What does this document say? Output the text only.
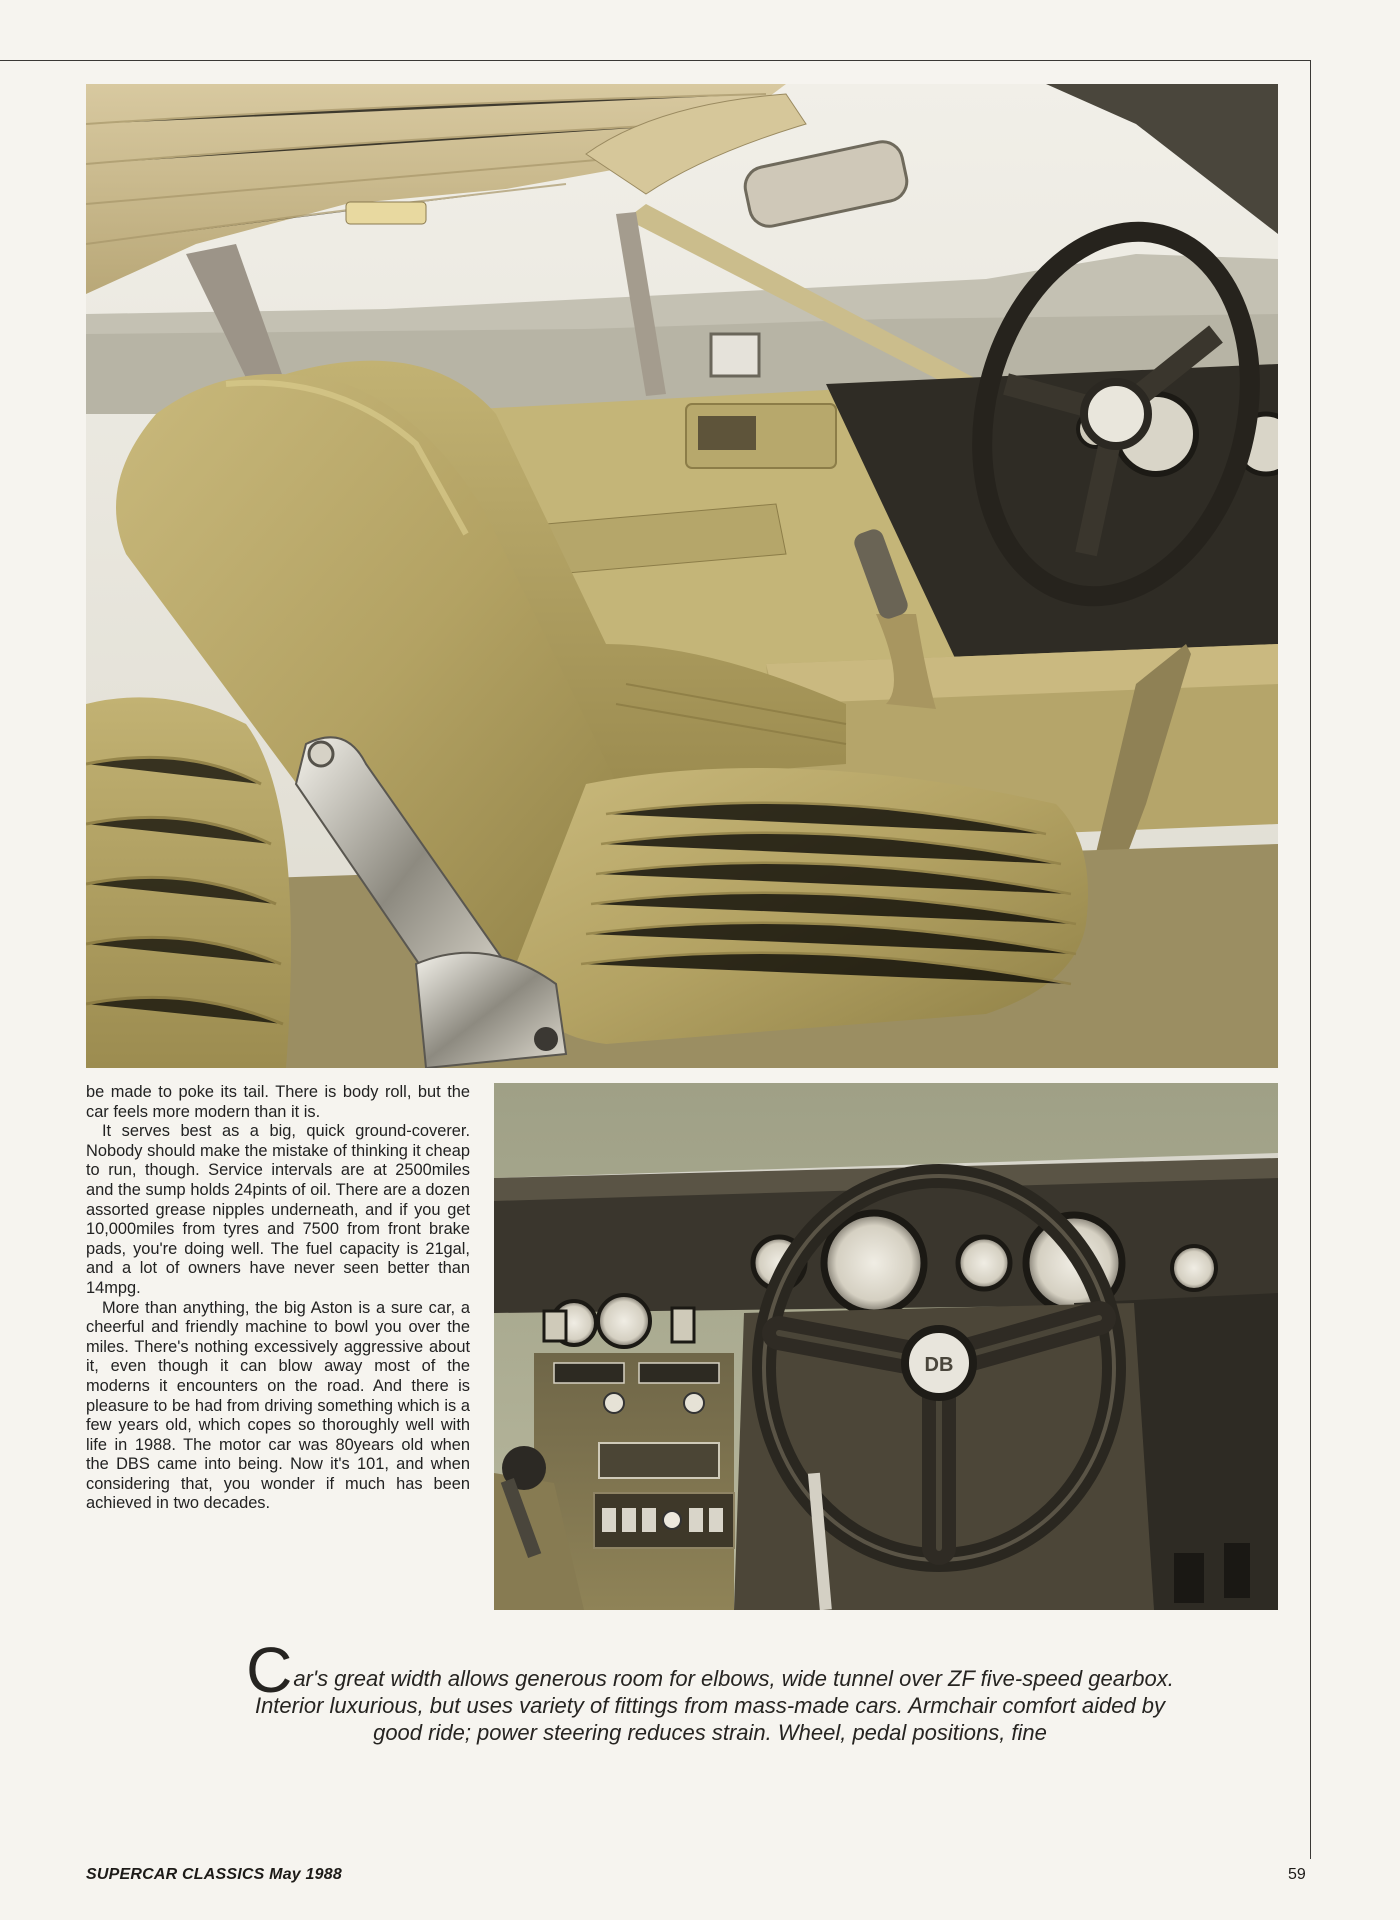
be made to poke its tail. There is body roll, but the car feels more modern than it is.

It serves best as a big, quick ground-coverer. Nobody should make the mistake of thinking it cheap to run, though. Service intervals are at 2500miles and the sump holds 24pints of oil. There are a dozen assorted grease nipples underneath, and if you get 10,000miles from tyres and 7500 from front brake pads, you're doing well. The fuel capacity is 21gal, and a lot of owners have never seen better than 14mpg.

More than anything, the big Aston is a sure car, a cheerful and friendly machine to bowl you over the miles. There's nothing excessively aggressive about it, even though it can blow away most of the moderns it encounters on the road. And there is pleasure to be had from driving something which is a few years old, which copes so thoroughly well with life in 1988. The motor car was 80years old when the DBS came into being. Now it's 101, and when considering that, you wonder if much has been achieved in two decades.

DB
Car's great width allows generous room for elbows, wide tunnel over ZF five-speed gearbox. Interior luxurious, but uses variety of fittings from mass-made cars. Armchair comfort aided by good ride; power steering reduces strain. Wheel, pedal positions, fine
SUPERCAR CLASSICS May 1988	59
